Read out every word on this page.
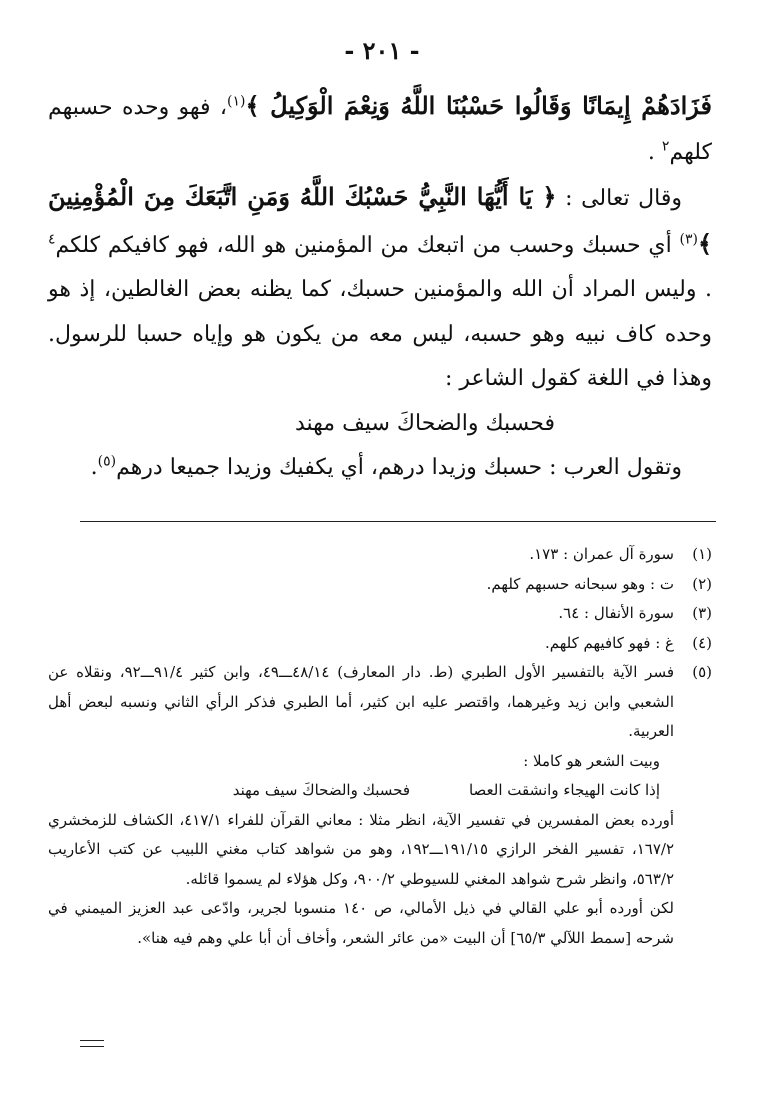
- ٢٠١ -

فَزَادَهُمْ إِيمَانًا وَقَالُوا حَسْبُنَا اللَّهُ وَنِعْمَ الْوَكِيلُ ﴾$^{(١)}$، فهو وحده حسبهم كلهم$^٢$ .

وقال تعالى : ﴿ يَا أَيُّهَا النَّبِيُّ حَسْبُكَ اللَّهُ وَمَنِ اتَّبَعَكَ مِنَ الْمُؤْمِنِينَ ﴾$^{(٣)}$ أي حسبك وحسب من اتبعك من المؤمنين هو الله، فهو كافيكم كلكم$^٤$ . وليس المراد أن الله والمؤمنين حسبك، كما يظنه بعض الغالطين، إذ هو وحده كاف نبيه وهو حسبه، ليس معه من يكون هو وإياه حسبا للرسول. وهذا في اللغة كقول الشاعر :

فحسبك والضحاكَ سيف مهند

وتقول العرب : حسبك وزيدا درهم، أي يكفيك وزيدا جميعا درهم$^{(٥)}$.

(١)
سورة آل عمران : ١٧٣.
(٢)
ت : وهو سبحانه حسبهم كلهم.
(٣)
سورة الأنفال : ٦٤.
(٤)
غ : فهو كافيهم كلهم.
(٥)

فسر الآية بالتفسير الأول الطبري (ط. دار المعارف) ٤٨/١٤ـــ٤٩، وابن كثير ٩١/٤ـــ٩٢، ونقلاه عن الشعبي وابن زيد وغيرهما، واقتصر عليه ابن كثير، أما الطبري فذكر الرأي الثاني ونسبه لبعض أهل العربية.

وبيت الشعر هو كاملا :

إذا كانت الهيجاء وانشقت العصا
فحسبك والضحاكَ سيف مهند

أورده بعض المفسرين في تفسير الآية، انظر مثلا : معاني القرآن للفراء ٤١٧/١، الكشاف للزمخشري ١٦٧/٢، تفسير الفخر الرازي ١٩١/١٥ـــ١٩٢، وهو من شواهد كتاب مغني اللبيب عن كتب الأعاريب ٥٦٣/٢، وانظر شرح شواهد المغني للسيوطي ٩٠٠/٢، وكل هؤلاء لم يسموا قائله.

لكن أورده أبو علي القالي في ذيل الأمالي، ص ١٤٠ منسوبا لجرير، وادّعى عبد العزيز الميمني في شرحه [سمط اللآلي ٦٥/٣] أن البيت «من عائر الشعر، وأخاف أن أبا علي وهم فيه هنا».
